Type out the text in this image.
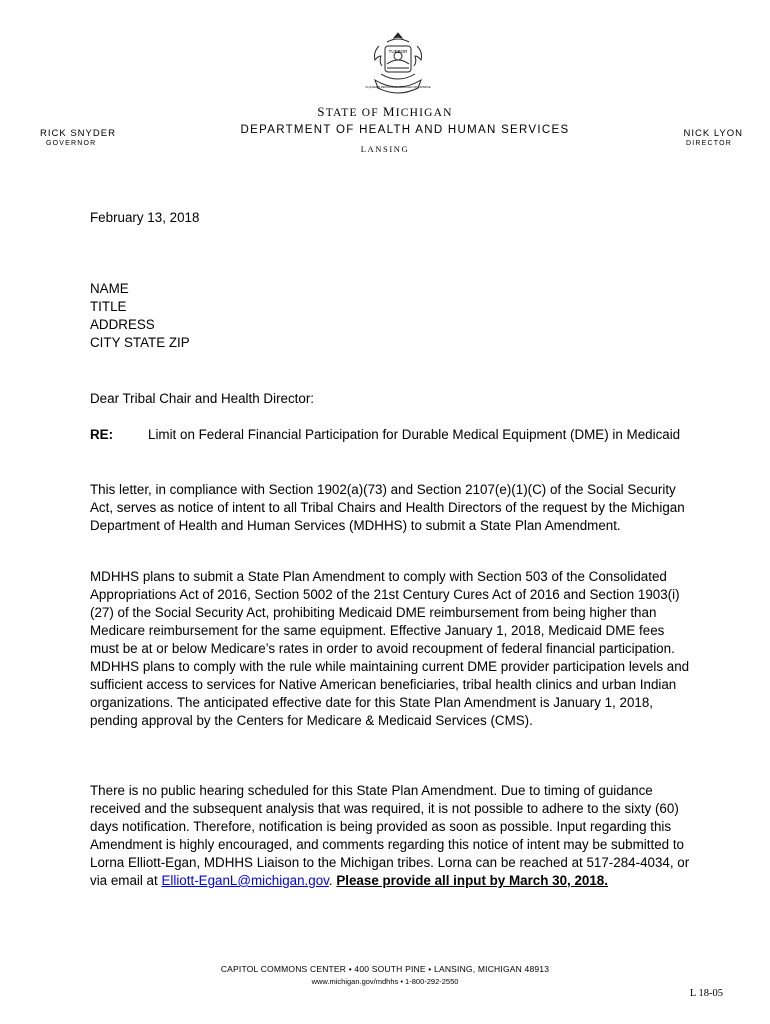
TUEBOR
SI QUAERIS PENINSULAM AMOENAM CIRCUMSPICE
STATE OF MICHIGAN
DEPARTMENT OF HEALTH AND HUMAN SERVICES
LANSING
RICK SNYDER
GOVERNOR
NICK LYON
DIRECTOR
February 13, 2018
NAME
TITLE
ADDRESS
CITY STATE ZIP
Dear Tribal Chair and Health Director:
RE:	Limit on Federal Financial Participation for Durable Medical Equipment (DME) in Medicaid

This letter, in compliance with Section 1902(a)(73) and Section 2107(e)(1)(C) of the Social Security Act, serves as notice of intent to all Tribal Chairs and Health Directors of the request by the Michigan Department of Health and Human Services (MDHHS) to submit a State Plan Amendment.

MDHHS plans to submit a State Plan Amendment to comply with Section 503 of the Consolidated Appropriations Act of 2016, Section 5002 of the 21st Century Cures Act of 2016 and Section 1903(i)(27) of the Social Security Act, prohibiting Medicaid DME reimbursement from being higher than Medicare reimbursement for the same equipment. Effective January 1, 2018, Medicaid DME fees must be at or below Medicare’s rates in order to avoid recoupment of federal financial participation. MDHHS plans to comply with the rule while maintaining current DME provider participation levels and sufficient access to services for Native American beneficiaries, tribal health clinics and urban Indian organizations. The anticipated effective date for this State Plan Amendment is January 1, 2018, pending approval by the Centers for Medicare & Medicaid Services (CMS).

There is no public hearing scheduled for this State Plan Amendment. Due to timing of guidance received and the subsequent analysis that was required, it is not possible to adhere to the sixty (60) days notification. Therefore, notification is being provided as soon as possible. Input regarding this Amendment is highly encouraged, and comments regarding this notice of intent may be submitted to Lorna Elliott-Egan, MDHHS Liaison to the Michigan tribes. Lorna can be reached at 517-284-4034, or via email at Elliott-EganL@michigan.gov. Please provide all input by March 30, 2018.

CAPITOL COMMONS CENTER • 400 SOUTH PINE • LANSING, MICHIGAN 48913
www.michigan.gov/mdhhs • 1-800-292-2550
L 18-05
